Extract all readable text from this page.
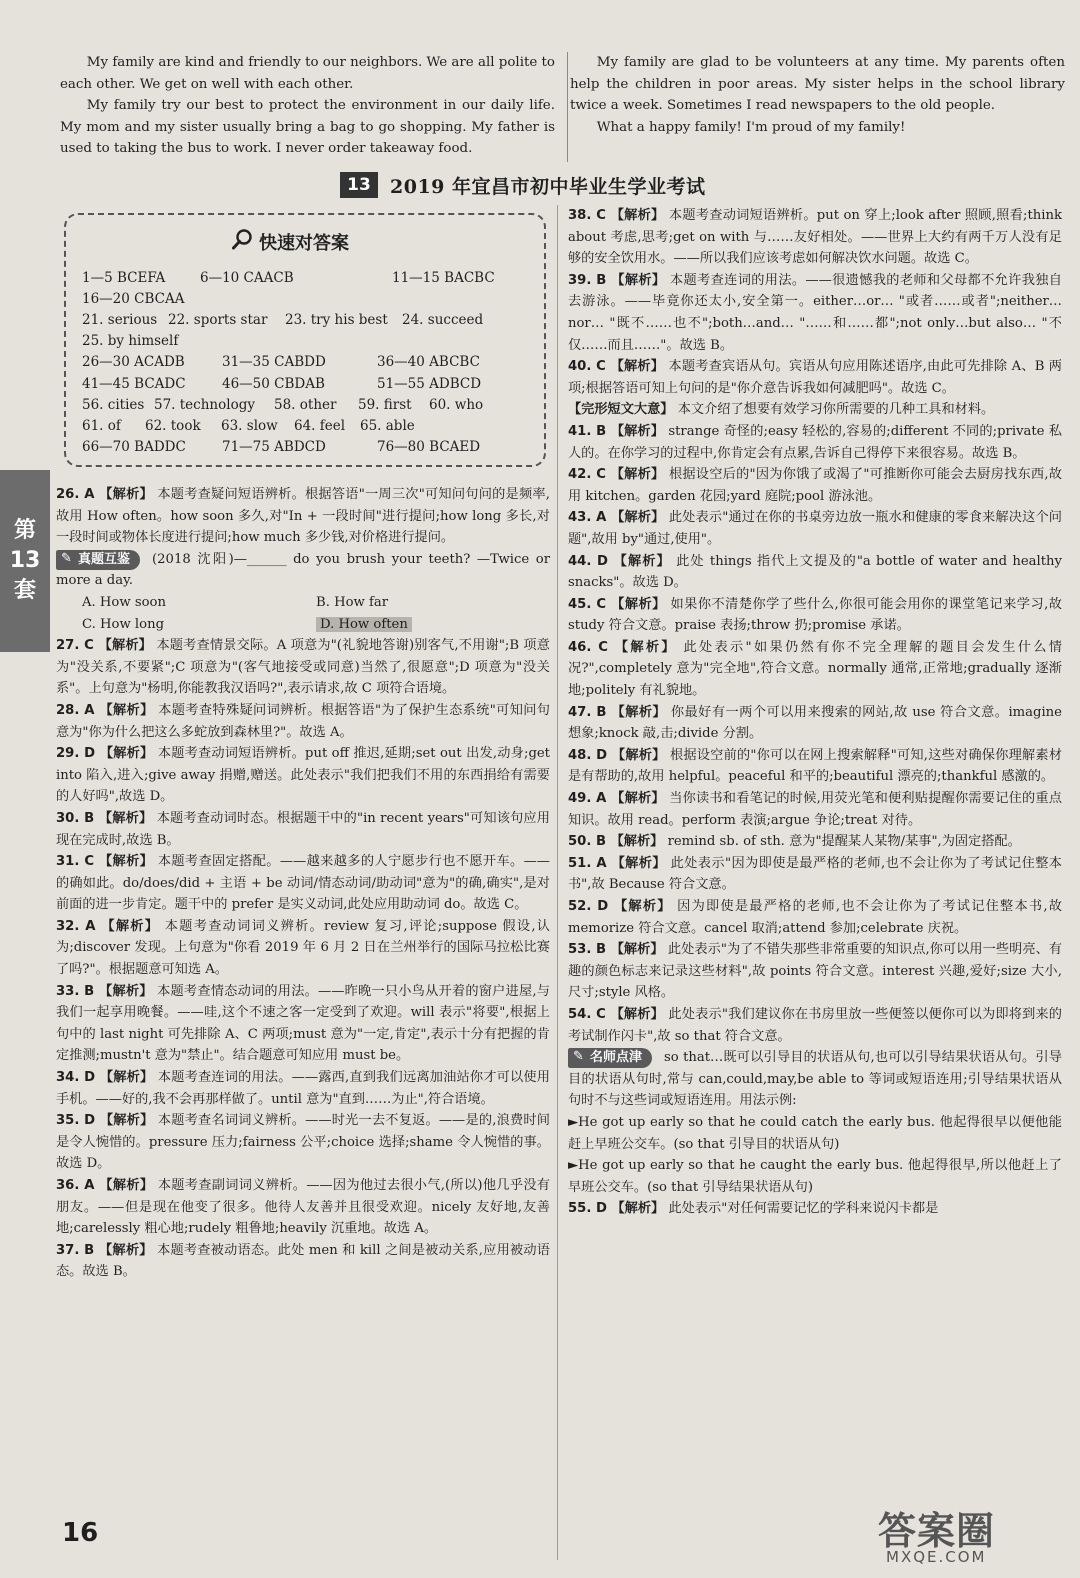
My family are kind and friendly to our neighbors. We are all polite to each other. We get on well with each other.

My family try our best to protect the environment in our daily life. My mom and my sister usually bring a bag to go shopping. My father is used to taking the bus to work. I never order takeaway food.

My family are glad to be volunteers at any time. My parents often help the children in poor areas. My sister helps in the school library twice a week. Sometimes I read newspapers to the old people.

What a happy family! I'm proud of my family!

13	2019 年宜昌市初中毕业生学业考试
快速对答案
1—5 BCEFA	6—10 CAACB	11—15 BACBC
16—20 CBCAA
21. serious 22. sports star	23. try his best	24. succeed
25. by himself
26—30 ACADB	31—35 CABDD	36—40 ABCBC
41—45 BCADC	46—50 CBDAB	51—55 ADBCD
56. cities 57. technology	58. other	59. first	60. who
61. of	62. took	63. slow	64. feel	65. able
66—70 BADDC	71—75 ABDCD	76—80 BCAED
第
13
套

26. A 【解析】 本题考查疑问短语辨析。根据答语"一周三次"可知问句问的是频率,故用 How often。how soon 多久,对"In + 一段时间"进行提问;how long 多长,对一段时间或物体长度进行提问;how much 多少钱,对价格进行提问。

✎ 真题互鉴 (2018 沈阳)—______ do you brush your teeth? —Twice or more a day.
A. How soon	B. How far
C. How long	D. How often

27. C 【解析】 本题考查情景交际。A 项意为"(礼貌地答谢)别客气,不用谢";B 项意为"没关系,不要紧";C 项意为"(客气地接受或同意)当然了,很愿意";D 项意为"没关系"。上句意为"杨明,你能教我汉语吗?",表示请求,故 C 项符合语境。

28. A 【解析】 本题考查特殊疑问词辨析。根据答语"为了保护生态系统"可知问句意为"你为什么把这么多蛇放到森林里?"。故选 A。

29. D 【解析】 本题考查动词短语辨析。put off 推迟,延期;set out 出发,动身;get into 陷入,进入;give away 捐赠,赠送。此处表示"我们把我们不用的东西捐给有需要的人好吗",故选 D。

30. B 【解析】 本题考查动词时态。根据题干中的"in recent years"可知该句应用现在完成时,故选 B。

31. C 【解析】 本题考查固定搭配。——越来越多的人宁愿步行也不愿开车。——的确如此。do/does/did + 主语 + be 动词/情态动词/助动词"意为"的确,确实",是对前面的进一步肯定。题干中的 prefer 是实义动词,此处应用助动词 do。故选 C。

32. A 【解析】 本题考查动词词义辨析。review 复习,评论;suppose 假设,认为;discover 发现。上句意为"你看 2019 年 6 月 2 日在兰州举行的国际马拉松比赛了吗?"。根据题意可知选 A。

33. B 【解析】 本题考查情态动词的用法。——昨晚一只小鸟从开着的窗户进屋,与我们一起享用晚餐。——哇,这个不速之客一定受到了欢迎。will 表示"将要",根据上句中的 last night 可先排除 A、C 两项;must 意为"一定,肯定",表示十分有把握的肯定推测;mustn't 意为"禁止"。结合题意可知应用 must be。

34. D 【解析】 本题考查连词的用法。——露西,直到我们远离加油站你才可以使用手机。——好的,我不会再那样做了。until 意为"直到……为止",符合语境。

35. D 【解析】 本题考查名词词义辨析。——时光一去不复返。——是的,浪费时间是令人惋惜的。pressure 压力;fairness 公平;choice 选择;shame 令人惋惜的事。故选 D。

36. A 【解析】 本题考查副词词义辨析。——因为他过去很小气,(所以)他几乎没有朋友。——但是现在他变了很多。他待人友善并且很受欢迎。nicely 友好地,友善地;carelessly 粗心地;rudely 粗鲁地;heavily 沉重地。故选 A。

37. B 【解析】 本题考查被动语态。此处 men 和 kill 之间是被动关系,应用被动语态。故选 B。

38. C 【解析】 本题考查动词短语辨析。put on 穿上;look after 照顾,照看;think about 考虑,思考;get on with 与……友好相处。——世界上大约有两千万人没有足够的安全饮用水。——所以我们应该考虑如何解决饮水问题。故选 C。

39. B 【解析】 本题考查连词的用法。——很遗憾我的老师和父母都不允许我独自去游泳。——毕竟你还太小,安全第一。either…or… "或者……或者";neither…nor… "既不……也不";both…and… "……和……都";not only…but also… "不仅……而且……"。故选 B。

40. C 【解析】 本题考查宾语从句。宾语从句应用陈述语序,由此可先排除 A、B 两项;根据答语可知上句问的是"你介意告诉我如何减肥吗"。故选 C。

【完形短文大意】 本文介绍了想要有效学习你所需要的几种工具和材料。

41. B 【解析】 strange 奇怪的;easy 轻松的,容易的;different 不同的;private 私人的。在你学习的过程中,你肯定会有点累,告诉自己得停下来很容易。故选 B。

42. C 【解析】 根据设空后的"因为你饿了或渴了"可推断你可能会去厨房找东西,故用 kitchen。garden 花园;yard 庭院;pool 游泳池。

43. A 【解析】 此处表示"通过在你的书桌旁边放一瓶水和健康的零食来解决这个问题",故用 by"通过,使用"。

44. D 【解析】 此处 things 指代上文提及的"a bottle of water and healthy snacks"。故选 D。

45. C 【解析】 如果你不清楚你学了些什么,你很可能会用你的课堂笔记来学习,故 study 符合文意。praise 表扬;throw 扔;promise 承诺。

46. C 【解析】 此处表示"如果仍然有你不完全理解的题目会发生什么情况?",completely 意为"完全地",符合文意。normally 通常,正常地;gradually 逐渐地;politely 有礼貌地。

47. B 【解析】 你最好有一两个可以用来搜索的网站,故 use 符合文意。imagine 想象;knock 敲,击;divide 分割。

48. D 【解析】 根据设空前的"你可以在网上搜索解释"可知,这些对确保你理解素材是有帮助的,故用 helpful。peaceful 和平的;beautiful 漂亮的;thankful 感激的。

49. A 【解析】 当你读书和看笔记的时候,用荧光笔和便利贴提醒你需要记住的重点知识。故用 read。perform 表演;argue 争论;treat 对待。

50. B 【解析】 remind sb. of sth. 意为"提醒某人某物/某事",为固定搭配。

51. A 【解析】 此处表示"因为即使是最严格的老师,也不会让你为了考试记住整本书",故 Because 符合文意。

52. D 【解析】 因为即使是最严格的老师,也不会让你为了考试记住整本书,故 memorize 符合文意。cancel 取消;attend 参加;celebrate 庆祝。

53. B 【解析】 此处表示"为了不错失那些非常重要的知识点,你可以用一些明亮、有趣的颜色标志来记录这些材料",故 points 符合文意。interest 兴趣,爱好;size 大小,尺寸;style 风格。

54. C 【解析】 此处表示"我们建议你在书房里放一些便签以便你可以为即将到来的考试制作闪卡",故 so that 符合文意。

✎ 名师点津 so that…既可以引导目的状语从句,也可以引导结果状语从句。引导目的状语从句时,常与 can,could,may,be able to 等词或短语连用;引导结果状语从句时不与这些词或短语连用。用法示例:

►He got up early so that he could catch the early bus. 他起得很早以便他能赶上早班公交车。(so that 引导目的状语从句)

►He got up early so that he caught the early bus. 他起得很早,所以他赶上了早班公交车。(so that 引导结果状语从句)

55. D 【解析】 此处表示"对任何需要记忆的学科来说闪卡都是

16	答案圈
MXQE.COM
